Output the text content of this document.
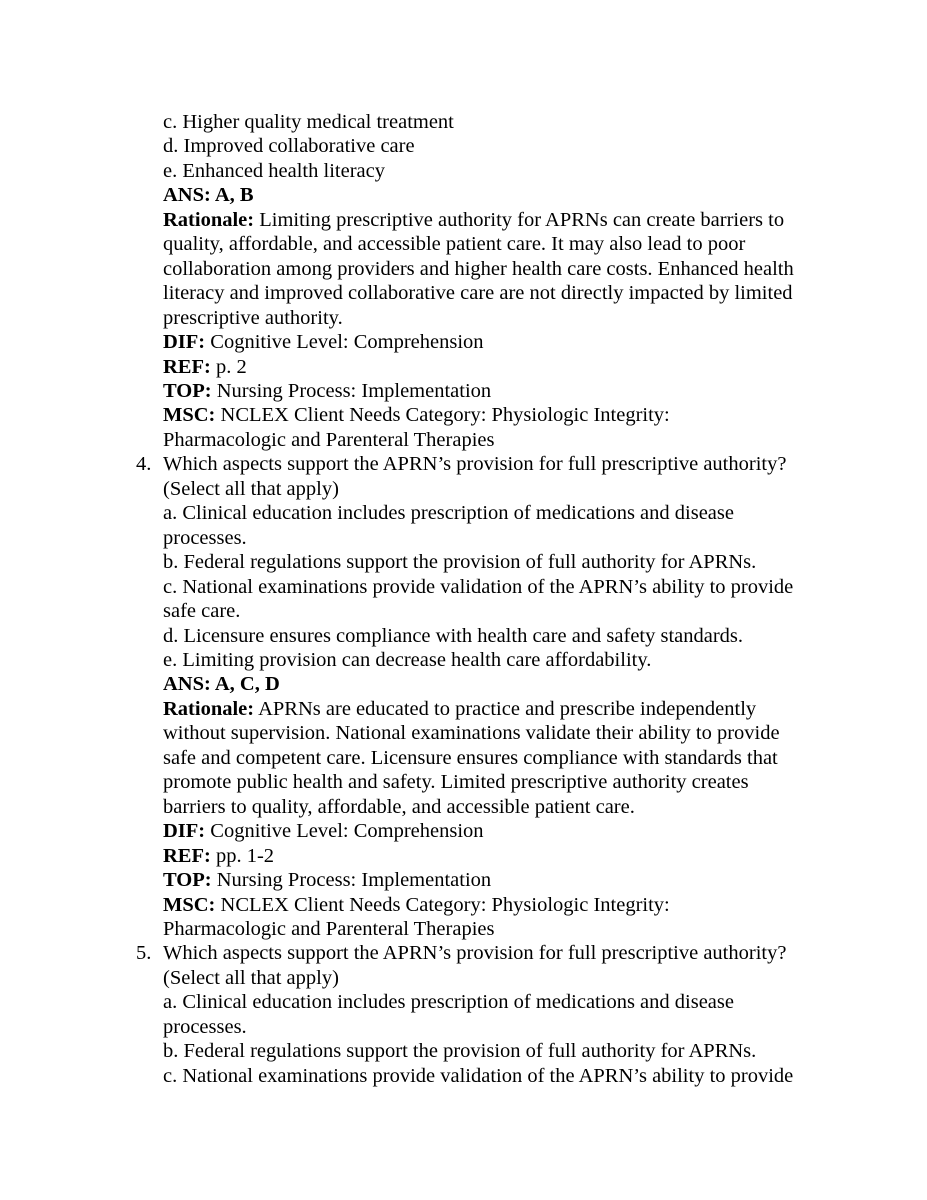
c. Higher quality medical treatment
d. Improved collaborative care
e. Enhanced health literacy
ANS: A, B
Rationale: Limiting prescriptive authority for APRNs can create barriers to
quality, affordable, and accessible patient care. It may also lead to poor
collaboration among providers and higher health care costs. Enhanced health
literacy and improved collaborative care are not directly impacted by limited
prescriptive authority.
DIF: Cognitive Level: Comprehension
REF: p. 2
TOP: Nursing Process: Implementation
MSC: NCLEX Client Needs Category: Physiologic Integrity:
Pharmacologic and Parenteral Therapies
4. Which aspects support the APRN’s provision for full prescriptive authority?
(Select all that apply)
a. Clinical education includes prescription of medications and disease
processes.
b. Federal regulations support the provision of full authority for APRNs.
c. National examinations provide validation of the APRN’s ability to provide
safe care.
d. Licensure ensures compliance with health care and safety standards.
e. Limiting provision can decrease health care affordability.
ANS: A, C, D
Rationale: APRNs are educated to practice and prescribe independently
without supervision. National examinations validate their ability to provide
safe and competent care. Licensure ensures compliance with standards that
promote public health and safety. Limited prescriptive authority creates
barriers to quality, affordable, and accessible patient care.
DIF: Cognitive Level: Comprehension
REF: pp. 1-2
TOP: Nursing Process: Implementation
MSC: NCLEX Client Needs Category: Physiologic Integrity:
Pharmacologic and Parenteral Therapies
5. Which aspects support the APRN’s provision for full prescriptive authority?
(Select all that apply)
a. Clinical education includes prescription of medications and disease
processes.
b. Federal regulations support the provision of full authority for APRNs.
c. National examinations provide validation of the APRN’s ability to provide
